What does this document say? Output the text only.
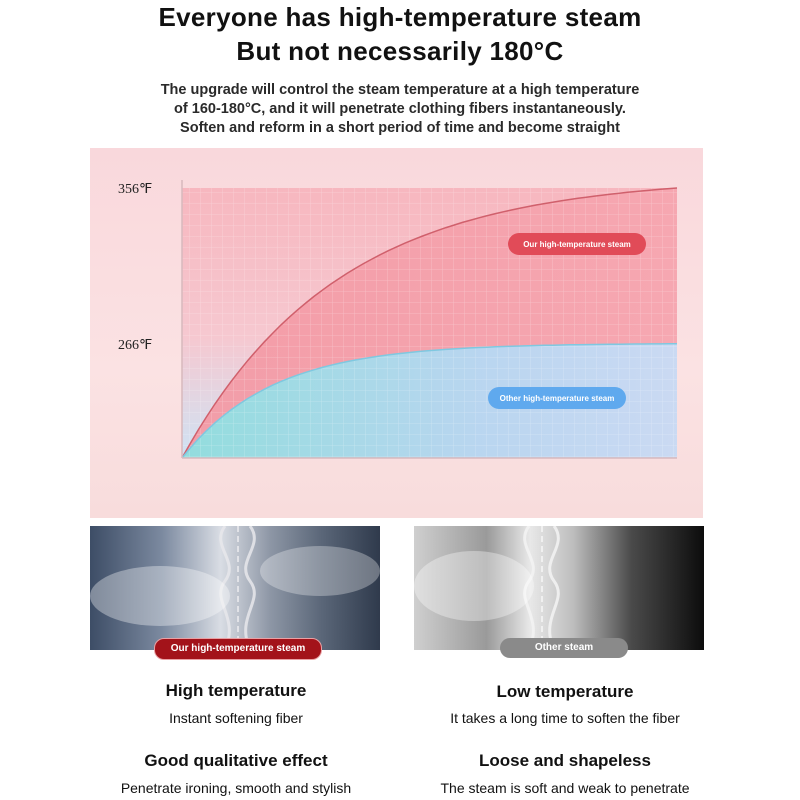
Everyone has high-temperature steam
But not necessarily 180°C
The upgrade will control the steam temperature at a high temperature
of 160-180°C, and it will penetrate clothing fibers instantaneously.
Soften and reform in a short period of time and become straight
356℉
266℉
Our high-temperature steam
Other high-temperature steam
Our high-temperature steam	Other steam
High temperature
Instant softening fiber
Good qualitative effect
Penetrate ironing, smooth and stylish
Low temperature
It takes a long time to soften the fiber
Loose and shapeless
The steam is soft and weak to penetrate
